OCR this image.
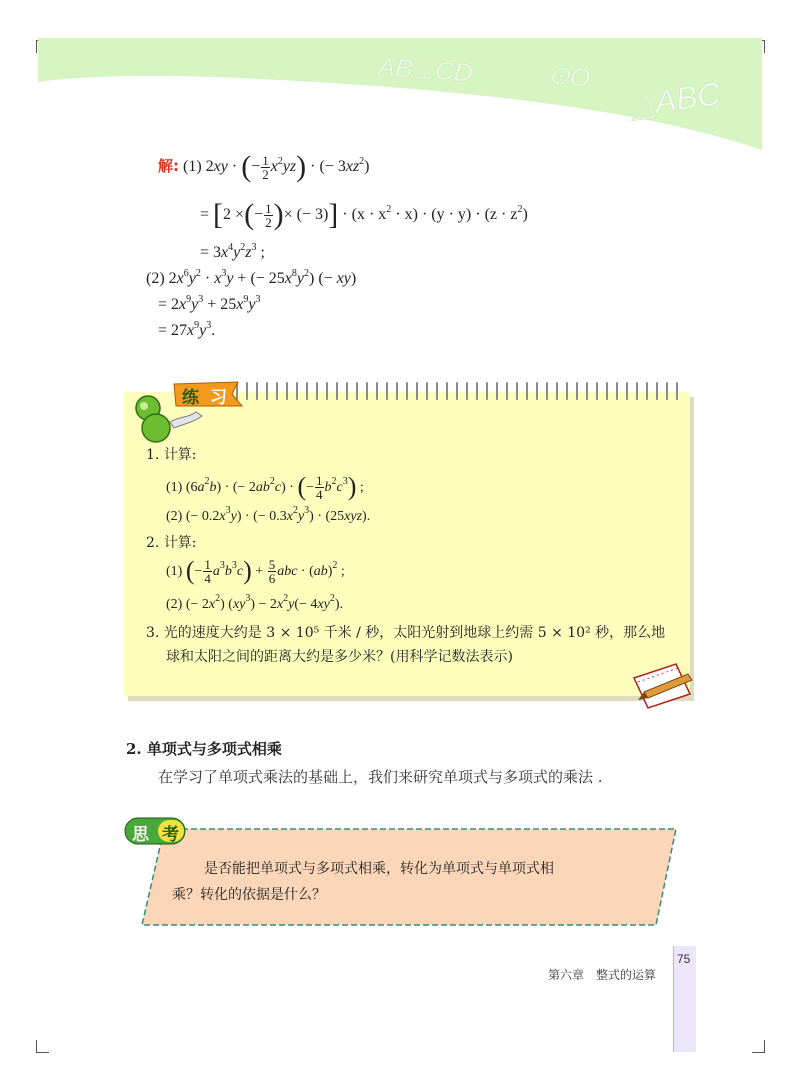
AB⊥CD	⊙O △ABC
解: (1) 2xy · (− $\frac{1}{2} x^2yz$) · (− $3xz^2$)
= [2 ×(− $\frac{1}{2}$ )× (− $3)] \cdot (x \cdot x^2 \cdot x) \cdot (y \cdot y) \cdot (z \cdot z^2)$
= $3x^4y^2z^3$ ;
(2) $2x^6y^2 \cdot x^3y$ + (− $25x^8y^2$) (− xy)
= $2x^9y^3 + 25x^9y^3$
= $27x^9y^3$.
1. 计算:
(1) $(6a^2b)$ · (− $2ab^2c$) · (− $\frac{1}{4} b^2c^3$) ;
(2) (− $0.2x^3y$) · (− $0.3x^2y^3) \cdot (25xyz)$.
2. 计算:
(1) (− $\frac{1}{4} a^3b^3c) + \frac{5}{6}$ abc · (ab)$^2$ ;
(2) (− $2x^2$) $(xy^3) - 2x^2y(- 4xy^2)$.
3. 光的速度大约是 3 × 10⁵ 千米 / 秒，太阳光射到地球上约需 5 × 10² 秒，那么地
球和太阳之间的距离大约是多少米？(用科学记数法表示)
练 习
2. 单项式与多项式相乘
在学习了单项式乘法的基础上，我们来研究单项式与多项式的乘法 .
思 考
是否能把单项式与多项式相乘，转化为单项式与单项式相
乘？转化的依据是什么？
第六章　整式的运算
75
